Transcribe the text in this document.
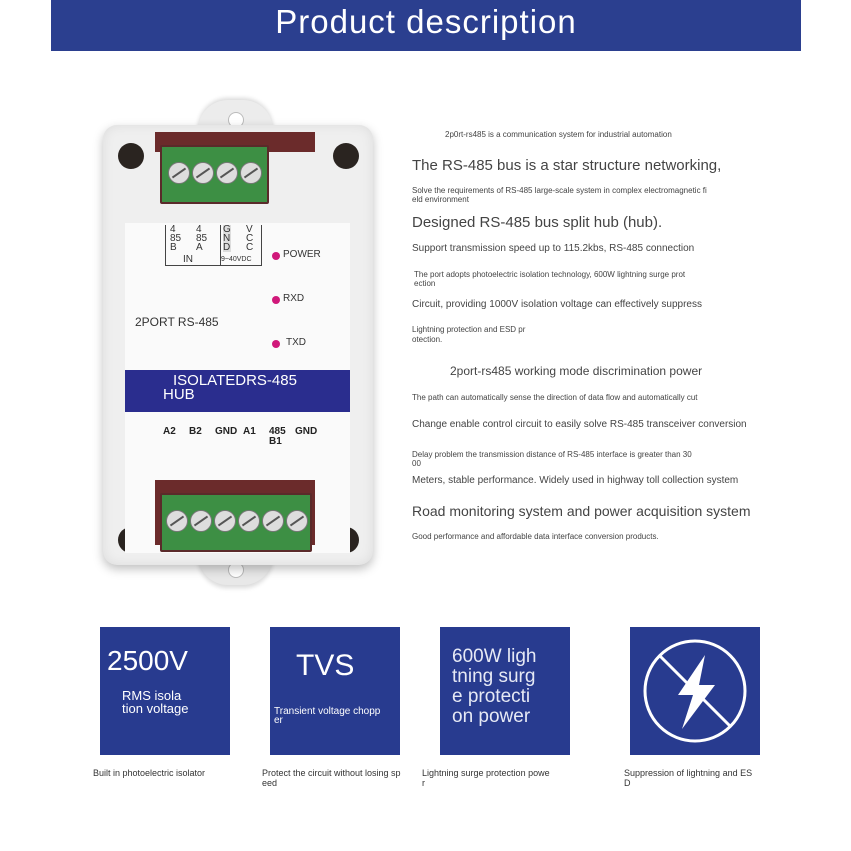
Product description
4
85
B
4
85
A
IN
G
N
D
V
C
C
9~40VDC	POWER
RXD
TXD
2PORT RS-485
ISOLATEDRS-485
HUB
A2 B2 GND A1 485 B1
GND
2p0rt-rs485 is a communication system for industrial automation
The RS-485 bus is a star structure networking,
Solve the requirements of RS-485 large-scale system in complex electromagnetic fi
eld environment
Designed RS-485 bus split hub (hub).
Support transmission speed up to 115.2kbs, RS-485 connection
The port adopts photoelectric isolation technology, 600W lightning surge prot
ection
Circuit, providing 1000V isolation voltage can effectively suppress
Lightning protection and ESD pr
otection.
2port-rs485 working mode discrimination power
The path can automatically sense the direction of data flow and automatically cut
Change enable control circuit to easily solve RS-485 transceiver conversion
Delay problem the transmission distance of RS-485 interface is greater than 30
00
Meters, stable performance. Widely used in highway toll collection system
Road monitoring system and power acquisition system
Good performance and affordable data interface conversion products.
2500V
RMS isola
tion voltage
TVS
Transient voltage chopp
er
600W ligh
tning surg
e protecti
on power
Built in photoelectric isolator	Protect the circuit without losing sp
eed
Lightning surge protection powe
r
Suppression of lightning and ES
D
